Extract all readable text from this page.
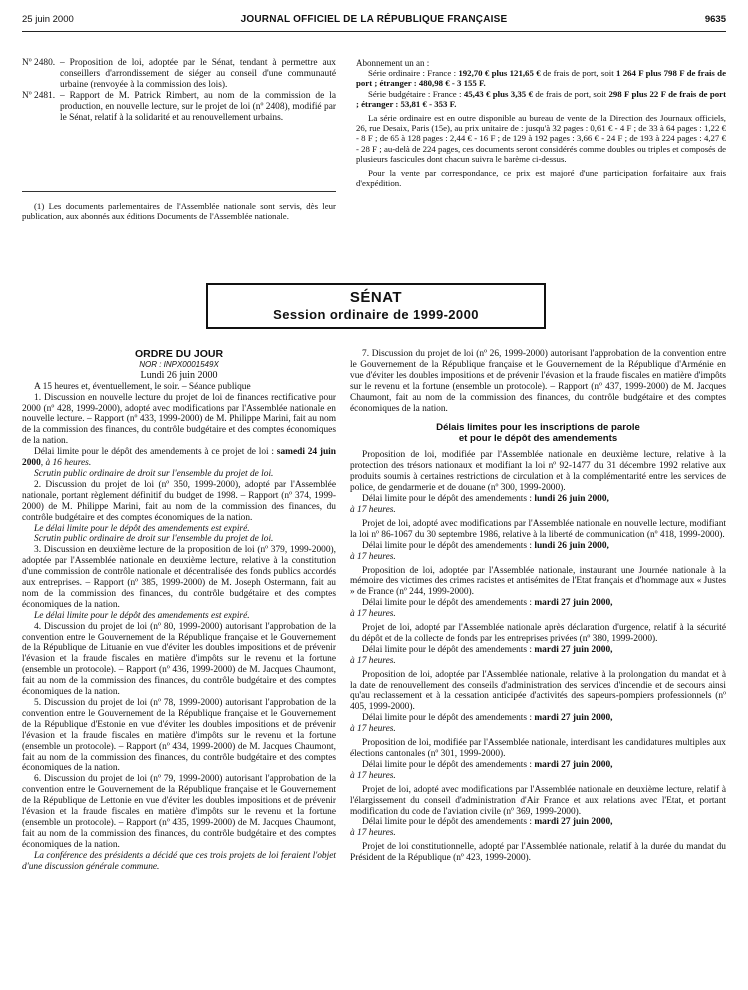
25 juin 2000	JOURNAL OFFICIEL DE LA RÉPUBLIQUE FRANÇAISE	9635

Nº 2480. – Proposition de loi, adoptée par le Sénat, tendant à permettre aux conseillers d'arrondissement de siéger au conseil d'une communauté urbaine (renvoyée à la commission des lois).

Nº 2481. – Rapport de M. Patrick Rimbert, au nom de la commission de la production, en nouvelle lecture, sur le projet de loi (nº 2408), modifié par le Sénat, relatif à la solidarité et au renouvellement urbains.

(1) Les documents parlementaires de l'Assemblée nationale sont servis, dès leur publication, aux abonnés aux éditions Documents de l'Assemblée nationale.

Abonnement un an :

Série ordinaire : France : 192,70 € plus 121,65 € de frais de port, soit 1 264 F plus 798 F de frais de port ; étranger : 480,98 € - 3 155 F.

Série budgétaire : France : 45,43 € plus 3,35 € de frais de port, soit 298 F plus 22 F de frais de port ; étranger : 53,81 € - 353 F.

La série ordinaire est en outre disponible au bureau de vente de la Direction des Journaux officiels, 26, rue Desaix, Paris (15e), au prix unitaire de : jusqu'à 32 pages : 0,61 € - 4 F ; de 33 à 64 pages : 1,22 € - 8 F ; de 65 à 128 pages : 2,44 € - 16 F ; de 129 à 192 pages : 3,66 € - 24 F ; de 193 à 224 pages : 4,27 € - 28 F ; au-delà de 224 pages, ces documents seront considérés comme doubles ou triples et composés de plusieurs fascicules dont chacun suivra le barème ci-dessus.

Pour la vente par correspondance, ce prix est majoré d'une participation forfaitaire aux frais d'expédition.

SÉNAT
Session ordinaire de 1999-2000

ORDRE DU JOUR

NOR : INPX0001549X

Lundi 26 juin 2000

A 15 heures et, éventuellement, le soir. – Séance publique

1. Discussion en nouvelle lecture du projet de loi de finances rectificative pour 2000 (nº 428, 1999-2000), adopté avec modifications par l'Assemblée nationale en nouvelle lecture. – Rapport (nº 433, 1999-2000) de M. Philippe Marini, fait au nom de la commission des finances, du contrôle budgétaire et des comptes économiques de la nation.

Délai limite pour le dépôt des amendements à ce projet de loi : samedi 24 juin 2000, à 16 heures.

Scrutin public ordinaire de droit sur l'ensemble du projet de loi.

2. Discussion du projet de loi (nº 350, 1999-2000), adopté par l'Assemblée nationale, portant règlement définitif du budget de 1998. – Rapport (nº 374, 1999-2000) de M. Philippe Marini, fait au nom de la commission des finances, du contrôle budgétaire et des comptes économiques de la nation.

Le délai limite pour le dépôt des amendements est expiré.

Scrutin public ordinaire de droit sur l'ensemble du projet de loi.

3. Discussion en deuxième lecture de la proposition de loi (nº 379, 1999-2000), adoptée par l'Assemblée nationale en deuxième lecture, relative à la constitution d'une commission de contrôle nationale et décentralisée des fonds publics accordés aux entreprises. – Rapport (nº 385, 1999-2000) de M. Joseph Ostermann, fait au nom de la commission des finances, du contrôle budgétaire et des comptes économiques de la nation.

Le délai limite pour le dépôt des amendements est expiré.

4. Discussion du projet de loi (nº 80, 1999-2000) autorisant l'approbation de la convention entre le Gouvernement de la République française et le Gouvernement de la République de Lituanie en vue d'éviter les doubles impositions et de prévenir l'évasion et la fraude fiscales en matière d'impôts sur le revenu et la fortune (ensemble un protocole). – Rapport (nº 436, 1999-2000) de M. Jacques Chaumont, fait au nom de la commission des finances, du contrôle budgétaire et des comptes économiques de la nation.

5. Discussion du projet de loi (nº 78, 1999-2000) autorisant l'approbation de la convention entre le Gouvernement de la République française et le Gouvernement de la République d'Estonie en vue d'éviter les doubles impositions et de prévenir l'évasion et la fraude fiscales en matière d'impôts sur le revenu et la fortune (ensemble un protocole). – Rapport (nº 434, 1999-2000) de M. Jacques Chaumont, fait au nom de la commission des finances, du contrôle budgétaire et des comptes économiques de la nation.

6. Discussion du projet de loi (nº 79, 1999-2000) autorisant l'approbation de la convention entre le Gouvernement de la République française et le Gouvernement de la République de Lettonie en vue d'éviter les doubles impositions et de prévenir l'évasion et la fraude fiscales en matière d'impôts sur le revenu et la fortune (ensemble un protocole). – Rapport (nº 435, 1999-2000) de M. Jacques Chaumont, fait au nom de la commission des finances, du contrôle budgétaire et des comptes économiques de la nation.

La conférence des présidents a décidé que ces trois projets de loi feraient l'objet d'une discussion générale commune.

7. Discussion du projet de loi (nº 26, 1999-2000) autorisant l'approbation de la convention entre le Gouvernement de la République française et le Gouvernement de la République d'Arménie en vue d'éviter les doubles impositions et de prévenir l'évasion et la fraude fiscales en matière d'impôts sur le revenu et la fortune (ensemble un protocole). – Rapport (nº 437, 1999-2000) de M. Jacques Chaumont, fait au nom de la commission des finances, du contrôle budgétaire et des comptes économiques de la nation.

Délais limites pour les inscriptions de parole
et pour le dépôt des amendements

Proposition de loi, modifiée par l'Assemblée nationale en deuxième lecture, relative à la protection des trésors nationaux et modifiant la loi nº 92-1477 du 31 décembre 1992 relative aux produits soumis à certaines restrictions de circulation et à la complémentarité entre les services de police, de gendarmerie et de douane (nº 300, 1999-2000).

Délai limite pour le dépôt des amendements : lundi 26 juin 2000,

à 17 heures.

Projet de loi, adopté avec modifications par l'Assemblée nationale en nouvelle lecture, modifiant la loi nº 86-1067 du 30 septembre 1986, relative à la liberté de communication (nº 418, 1999-2000).

Délai limite pour le dépôt des amendements : lundi 26 juin 2000,

à 17 heures.

Proposition de loi, adoptée par l'Assemblée nationale, instaurant une Journée nationale à la mémoire des victimes des crimes racistes et antisémites de l'Etat français et d'hommage aux « Justes » de France (nº 244, 1999-2000).

Délai limite pour le dépôt des amendements : mardi 27 juin 2000,

à 17 heures.

Projet de loi, adopté par l'Assemblée nationale après déclaration d'urgence, relatif à la sécurité du dépôt et de la collecte de fonds par les entreprises privées (nº 380, 1999-2000).

Délai limite pour le dépôt des amendements : mardi 27 juin 2000,

à 17 heures.

Proposition de loi, adoptée par l'Assemblée nationale, relative à la prolongation du mandat et à la date de renouvellement des conseils d'administration des services d'incendie et de secours ainsi qu'au reclassement et à la cessation anticipée d'activités des sapeurs-pompiers professionnels (nº 405, 1999-2000).

Délai limite pour le dépôt des amendements : mardi 27 juin 2000,

à 17 heures.

Proposition de loi, modifiée par l'Assemblée nationale, interdisant les candidatures multiples aux élections cantonales (nº 301, 1999-2000).

Délai limite pour le dépôt des amendements : mardi 27 juin 2000,

à 17 heures.

Projet de loi, adopté avec modifications par l'Assemblée nationale en deuxième lecture, relatif à l'élargissement du conseil d'administration d'Air France et aux relations avec l'Etat, et portant modification du code de l'aviation civile (nº 369, 1999-2000).

Délai limite pour le dépôt des amendements : mardi 27 juin 2000,

à 17 heures.

Projet de loi constitutionnelle, adopté par l'Assemblée nationale, relatif à la durée du mandat du Président de la République (nº 423, 1999-2000).
